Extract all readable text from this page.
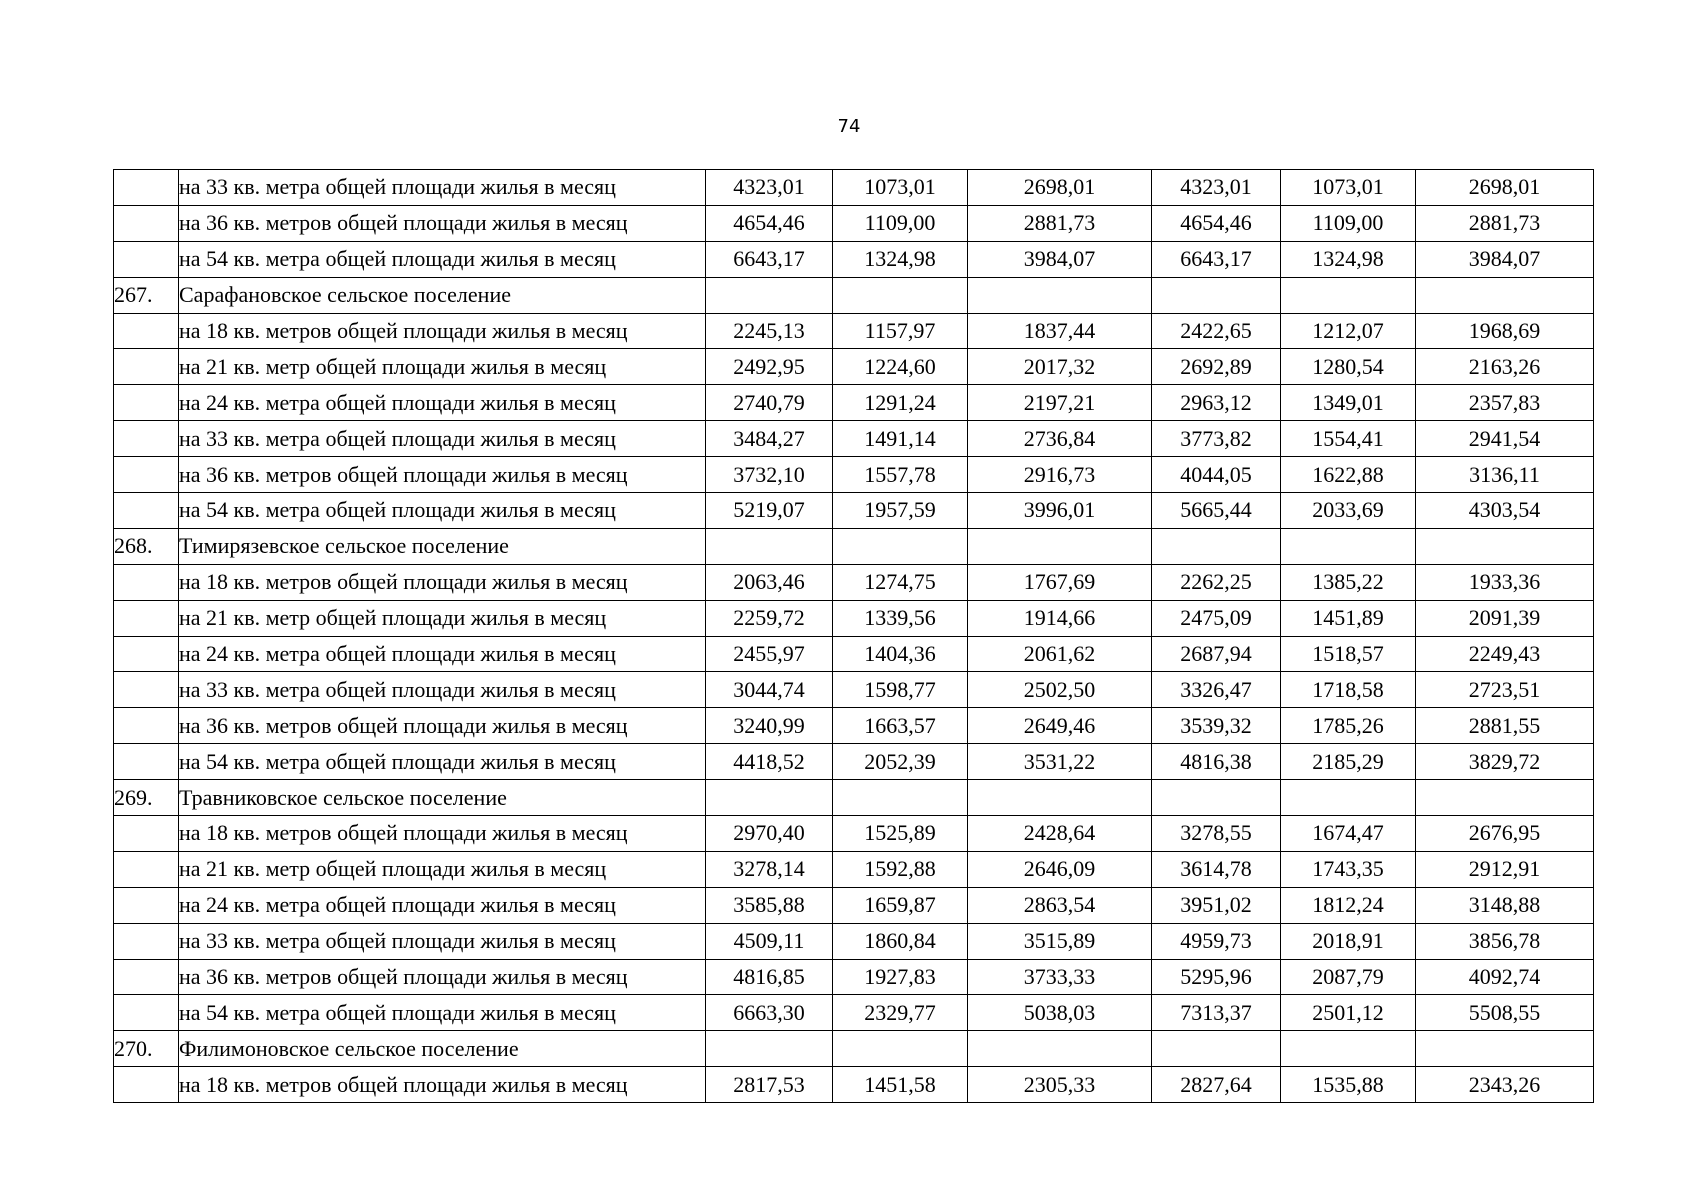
74
	на 33 кв. метра общей площади жилья в месяц	4323,01	1073,01	2698,01	4323,01	1073,01	2698,01
	на 36 кв. метров общей площади жилья в месяц	4654,46	1109,00	2881,73	4654,46	1109,00	2881,73
	на 54 кв. метра общей площади жилья в месяц	6643,17	1324,98	3984,07	6643,17	1324,98	3984,07
267.	Сарафановское сельское поселение						
	на 18 кв. метров общей площади жилья в месяц	2245,13	1157,97	1837,44	2422,65	1212,07	1968,69
	на 21 кв. метр общей площади жилья в месяц	2492,95	1224,60	2017,32	2692,89	1280,54	2163,26
	на 24 кв. метра общей площади жилья в месяц	2740,79	1291,24	2197,21	2963,12	1349,01	2357,83
	на 33 кв. метра общей площади жилья в месяц	3484,27	1491,14	2736,84	3773,82	1554,41	2941,54
	на 36 кв. метров общей площади жилья в месяц	3732,10	1557,78	2916,73	4044,05	1622,88	3136,11
	на 54 кв. метра общей площади жилья в месяц	5219,07	1957,59	3996,01	5665,44	2033,69	4303,54
268.	Тимирязевское сельское поселение						
	на 18 кв. метров общей площади жилья в месяц	2063,46	1274,75	1767,69	2262,25	1385,22	1933,36
	на 21 кв. метр общей площади жилья в месяц	2259,72	1339,56	1914,66	2475,09	1451,89	2091,39
	на 24 кв. метра общей площади жилья в месяц	2455,97	1404,36	2061,62	2687,94	1518,57	2249,43
	на 33 кв. метра общей площади жилья в месяц	3044,74	1598,77	2502,50	3326,47	1718,58	2723,51
	на 36 кв. метров общей площади жилья в месяц	3240,99	1663,57	2649,46	3539,32	1785,26	2881,55
	на 54 кв. метра общей площади жилья в месяц	4418,52	2052,39	3531,22	4816,38	2185,29	3829,72
269.	Травниковское сельское поселение						
	на 18 кв. метров общей площади жилья в месяц	2970,40	1525,89	2428,64	3278,55	1674,47	2676,95
	на 21 кв. метр общей площади жилья в месяц	3278,14	1592,88	2646,09	3614,78	1743,35	2912,91
	на 24 кв. метра общей площади жилья в месяц	3585,88	1659,87	2863,54	3951,02	1812,24	3148,88
	на 33 кв. метра общей площади жилья в месяц	4509,11	1860,84	3515,89	4959,73	2018,91	3856,78
	на 36 кв. метров общей площади жилья в месяц	4816,85	1927,83	3733,33	5295,96	2087,79	4092,74
	на 54 кв. метра общей площади жилья в месяц	6663,30	2329,77	5038,03	7313,37	2501,12	5508,55
270.	Филимоновское сельское поселение						
	на 18 кв. метров общей площади жилья в месяц	2817,53	1451,58	2305,33	2827,64	1535,88	2343,26
